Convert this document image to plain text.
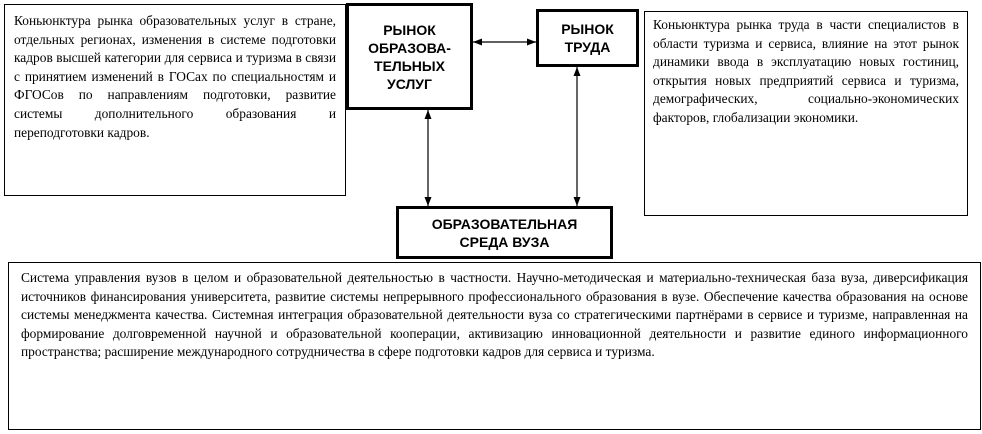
Коньюнктура рынка образовательных услуг в стране, отдельных регионах, изменения в системе подготовки кадров высшей категории для сервиса и туризма в связи с принятием изменений в ГОСах по специальностям и ФГОСов по направлениям подготовки, развитие системы дополнительного образования и переподготовки кадров.
РЫНОК
ОБРАЗОВА-
ТЕЛЬНЫХ
УСЛУГ
РЫНОК
ТРУДА
Коньюнктура рынка труда в части специалистов в области туризма и сервиса, влияние на этот рынок динамики ввода в эксплуатацию новых гостиниц, открытия новых предприятий сервиса и туризма, демографических, социально-экономических факторов, глобализации экономики.
ОБРАЗОВАТЕЛЬНАЯ
СРЕДА ВУЗА
Система управления вузов в целом и образовательной деятельностью в частности. Научно-методическая и материально-техническая база вуза, диверсификация источников финансирования университета, развитие системы непрерывного профессионального образования в вузе. Обеспечение качества образования на основе системы менеджмента качества. Системная интеграция образовательной деятельности вуза со стратегическими партнёрами в сервисе и туризме, направленная на формирование долговременной научной и образовательной кооперации, активизацию инновационной деятельности и развитие единого информационного пространства; расширение международного сотрудничества в сфере подготовки кадров для сервиса и туризма.
